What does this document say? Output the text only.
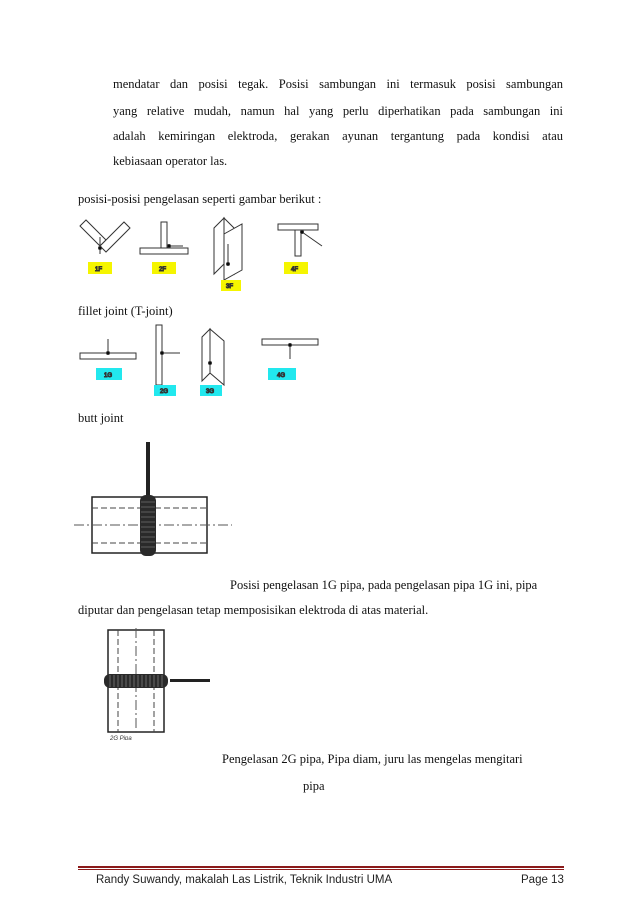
mendatar dan posisi tegak. Posisi sambungan ini termasuk posisi sambungan
yang relative mudah, namun hal yang perlu diperhatikan pada sambungan ini
adalah kemiringan elektroda, gerakan ayunan tergantung pada kondisi atau
kebiasaan operator las.
posisi-posisi pengelasan seperti gambar berikut :
1F	2F
3F
4F
fillet joint (T-joint)
1G
2G	3G
4G
butt joint
Posisi pengelasan 1G pipa, pada pengelasan pipa 1G ini, pipa
diputar dan pengelasan tetap memposisikan elektroda di atas material.
2G Pipa
Pengelasan 2G pipa, Pipa diam, juru las mengelas mengitari
pipa
Randy Suwandy, makalah Las Listrik, Teknik Industri UMA	Page 13
